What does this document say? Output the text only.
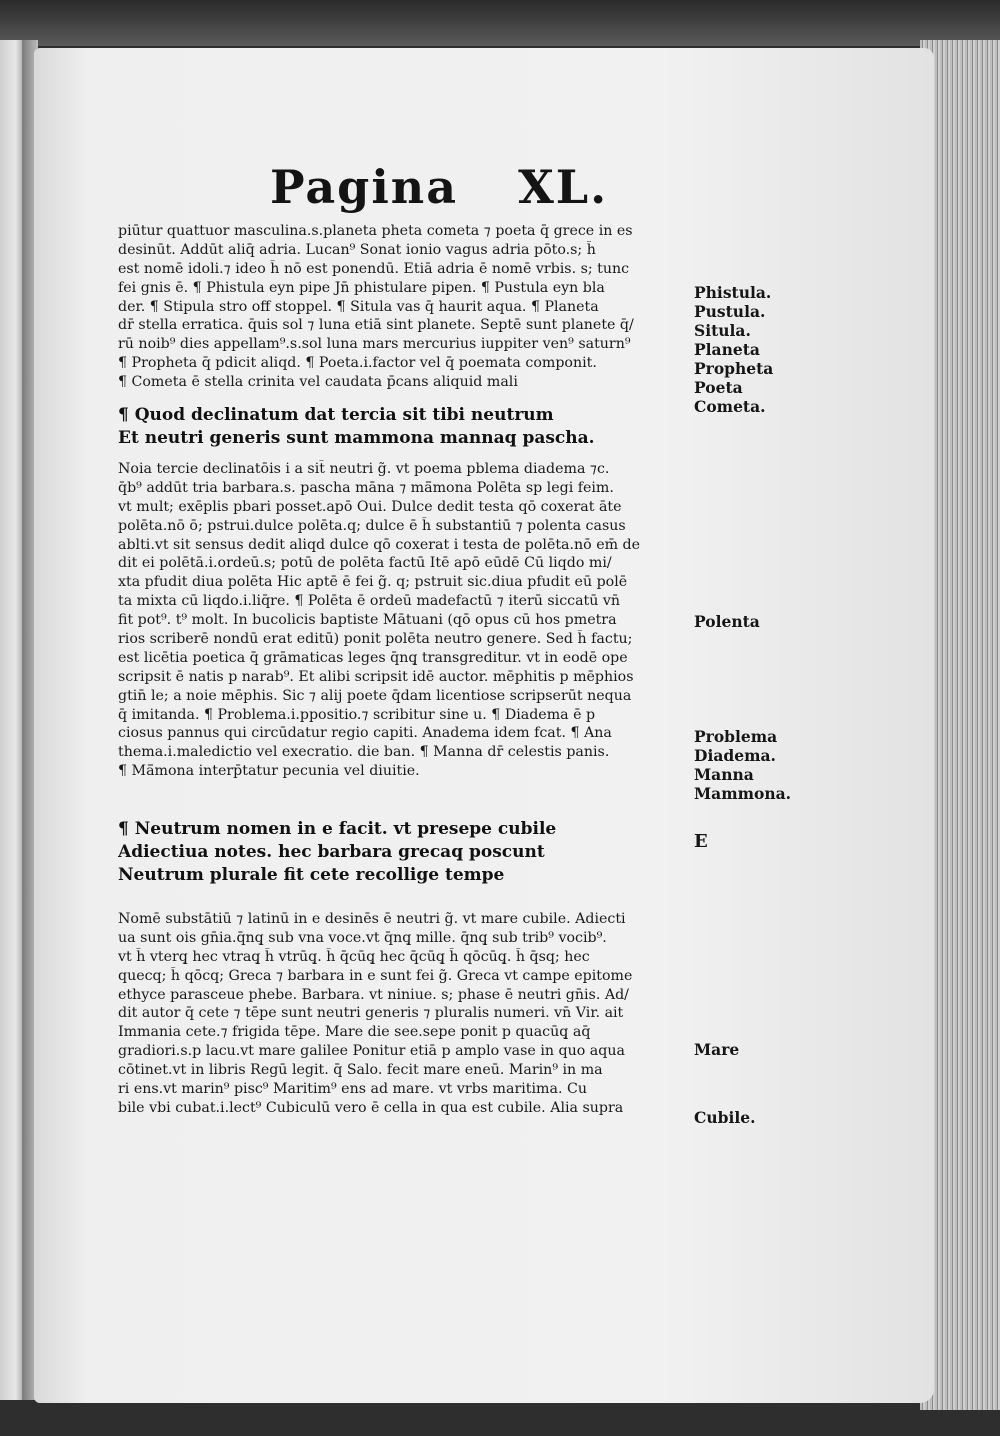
Pagina XL.
piūtur quattuor masculina.s.planeta pheta cometa ⁊ poeta q̄ grece in es
desinūt. Addūt aliq̄ adria. Lucan⁹ Sonat ionio vagus adria pōto.s; h̄
est nomē idoli.⁊ ideo h̄ nō est ponendū. Etiā adria ē nomē vrbis. s; tunc
fei gnis ē. ¶ Phistula eyn pipe Jn̄ phistulare pipen. ¶ Pustula eyn bla
der. ¶ Stipula stro off stoppel. ¶ Situla vas q̄ haurit aqua. ¶ Planeta
dr̄ stella erratica. q̄uis sol ⁊ luna etiā sint planete. Septē sunt planete q̄/
rū noib⁹ dies appellam⁹.s.sol luna mars mercurius iuppiter ven⁹ saturn⁹
¶ Propheta q̄ pdicit aliqd. ¶ Poeta.i.factor vel q̄ poemata componit.
¶ Cometa ē stella crinita vel caudata p̄cans aliquid mali
¶ Quod declinatum dat tercia sit tibi neutrum
Et neutri generis sunt mammona mannaq̧ pascha.
Noia tercie declinatōis i a sit̄ neutri g̃. vt poema pblema diadema ⁊c.
q̄b⁹ addūt tria barbara.s. pascha māna ⁊ mā̄mona Polēta sp legi feim.
vt mult; exēplis pbari posset.apō Oui. Dulce dedit testa qō coxerat āte
polēta.nō ō; pstrui.dulce polēta.q; dulce ē h̄ substantiū ⁊ polenta casus
ablti.vt sit sensus dedit aliqd dulce qō coxerat i testa de polēta.nō em̄ de
dit ei polētā.i.ordeū.s; potū de polēta factū Itē apō eūdē Cū liqdo mi/
xta pfudit diua polēta Hic aptē ē fei g̃. q; pstruit sic.diua pfudit eū polē
ta mixta cū liqdo.i.liq̄re. ¶ Polēta ē ordeū madefactū ⁊ iterū siccatū vn̄
fit pot⁹. t⁹ molt. In bucolicis baptiste Mātuani (qō opus cū hos pmetra
rios scriberē nondū erat editū) ponit polēta neutro genere. Sed h̄ factu;
est licētia poetica q̄ grāmaticas leges q̄nq̧ transgreditur. vt in eodē ope
scripsit ē natis p narab⁹. Et alibi scripsit idē auctor. mēphitis p mēphios
gtin̄ le; a noie mēphis. Sic ⁊ alij poete q̄dam licentiose scripserūt nequa
q̄ imitanda. ¶ Problema.i.ppositio.⁊ scribitur sine u. ¶ Diadema ē p
ciosus pannus qui circūdatur regio capiti. Anadema idem fcat. ¶ Ana
thema.i.maledictio vel execratio. die ban. ¶ Manna dr̄ celestis panis.
¶ Mā̄mona interp̄tatur pecunia vel diuitie.
¶ Neutrum nomen in e facit. vt presepe cubile
Adiectiua notes. hec barbara grecaq̧ poscunt
Neutrum plurale fit cete recollige tempe
Nomē substātiū ⁊ latinū in e desinēs ē neutri g̃. vt mare cubile. Adiecti
ua sunt ois gn̄ia.q̄nq̧ sub vna voce.vt q̄nq̧ mille. q̄nq̧ sub trib⁹ vocib⁹.
vt h̄ vterq̧ hec vtraq̧ h̄ vtrūq̧. h̄ q̄cūq̧ hec q̄cūq̧ h̄ qōcūq̧. h̄ q̄sq; hec
quecq; h̄ qōcq; Greca ⁊ barbara in e sunt fei g̃. Greca vt campe epitome
ethyce parasceue phebe. Barbara. vt niniue. s; phase ē neutri gn̄is. Ad/
dit autor q̄ cete ⁊ tēpe sunt neutri generis ⁊ pluralis numeri. vn̄ Vir. ait
Immania cete.⁊ frigida tēpe. Mare die see.sepe ponit p quacūq̧ aq̄
gradiori.s.p lacu.vt mare galilee Ponitur etiā p amplo vase in quo aqua
cōtinet.vt in libris Regū legit. q̄ Salo. fecit mare eneū. Marin⁹ in ma
ri ens.vt marin⁹ pisc⁹ Maritim⁹ ens ad mare. vt vrbs maritima. Cu
bile vbi cubat.i.lect⁹ Cubiculū vero ē cella in qua est cubile. Alia supra
Phistula.
Pustula.
Situla.
Planeta
Propheta
Poeta
Cometa.
Polenta
Problema
Diadema.
Manna
Mammona.
E
Mare
Cubile.
